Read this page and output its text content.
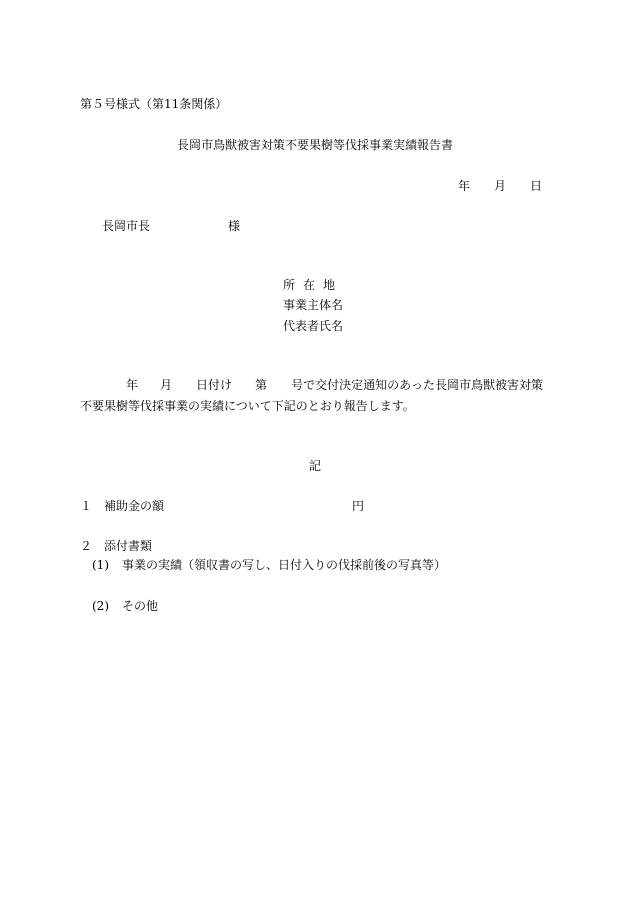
第５号様式（第11条関係）
長岡市鳥獣被害対策不要果樹等伐採事業実績報告書
年 月 日
長岡市長	様
所在地
事業主体名
代表者氏名
年 月 日付け 第 号で交付決定通知のあった長岡市鳥獣被害対策
不要果樹等伐採事業の実績について下記のとおり報告します。
記
１ 補助金の額	円
２ 添付書類
(1) 事業の実績（領収書の写し、日付入りの伐採前後の写真等）
(2) その他
